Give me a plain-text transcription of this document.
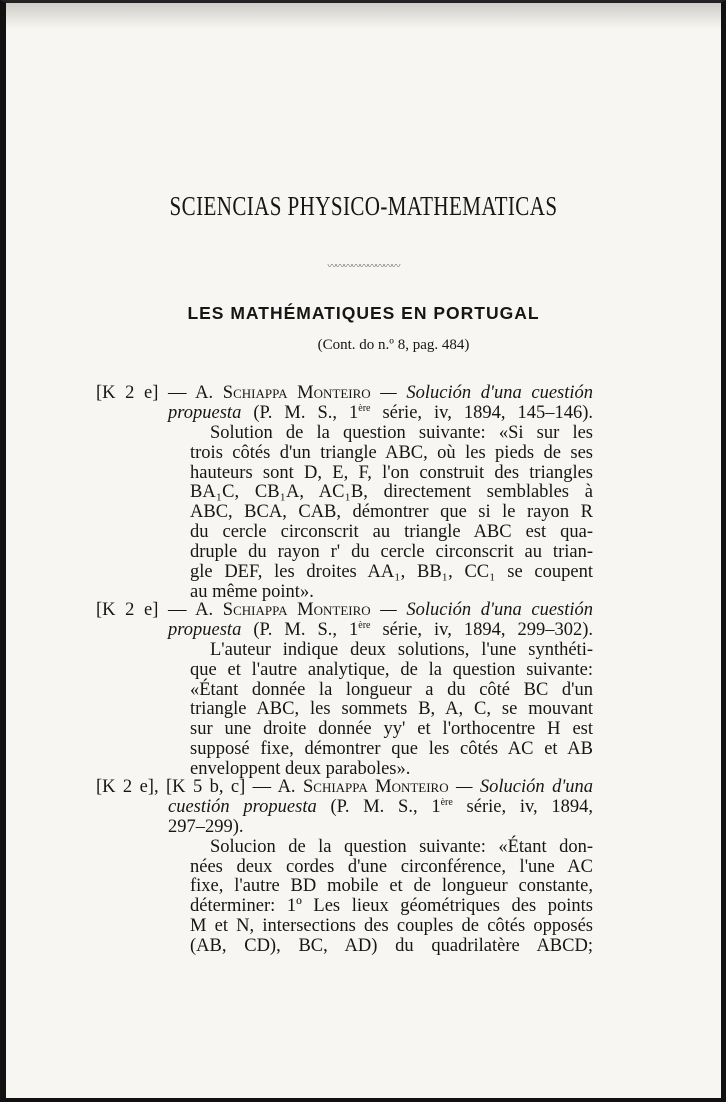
SCIENCIAS PHYSICO-MATHEMATICAS
〰〰〰〰〰〰〰〰〰
LES MATHÉMATIQUES EN PORTUGAL
(Cont. do n.º 8, pag. 484)
[K 2 e] — A. Schiappa Monteiro — Solución d'una cuestión
propuesta (P. M. S., 1ère série, iv, 1894, 145–146).
Solution de la question suivante: «Si sur les
trois côtés d'un triangle ABC, où les pieds de ses
hauteurs sont D, E, F, l'on construit des triangles
BA₁C, CB₁A, AC₁B, directement semblables à
ABC, BCA, CAB, démontrer que si le rayon R
du cercle circonscrit au triangle ABC est qua-
druple du rayon r' du cercle circonscrit au trian-
gle DEF, les droites AA₁, BB₁, CC₁ se coupent
au même point».
[K 2 e] — A. Schiappa Monteiro — Solución d'una cuestión
propuesta (P. M. S., 1ère série, iv, 1894, 299–302).
L'auteur indique deux solutions, l'une synthéti-
que et l'autre analytique, de la question suivante:
«Étant donnée la longueur a du côté BC d'un
triangle ABC, les sommets B, A, C, se mouvant
sur une droite donnée yy' et l'orthocentre H est
supposé fixe, démontrer que les côtés AC et AB
enveloppent deux paraboles».
[K 2 e], [K 5 b, c] — A. Schiappa Monteiro — Solución d'una
cuestión propuesta (P. M. S., 1ère série, iv, 1894,
297–299).
Solucion de la question suivante: «Étant don-
nées deux cordes d'une circonférence, l'une AC
fixe, l'autre BD mobile et de longueur constante,
déterminer: 1º Les lieux géométriques des points
M et N, intersections des couples de côtés opposés
(AB, CD), BC, AD) du quadrilatère ABCD;
